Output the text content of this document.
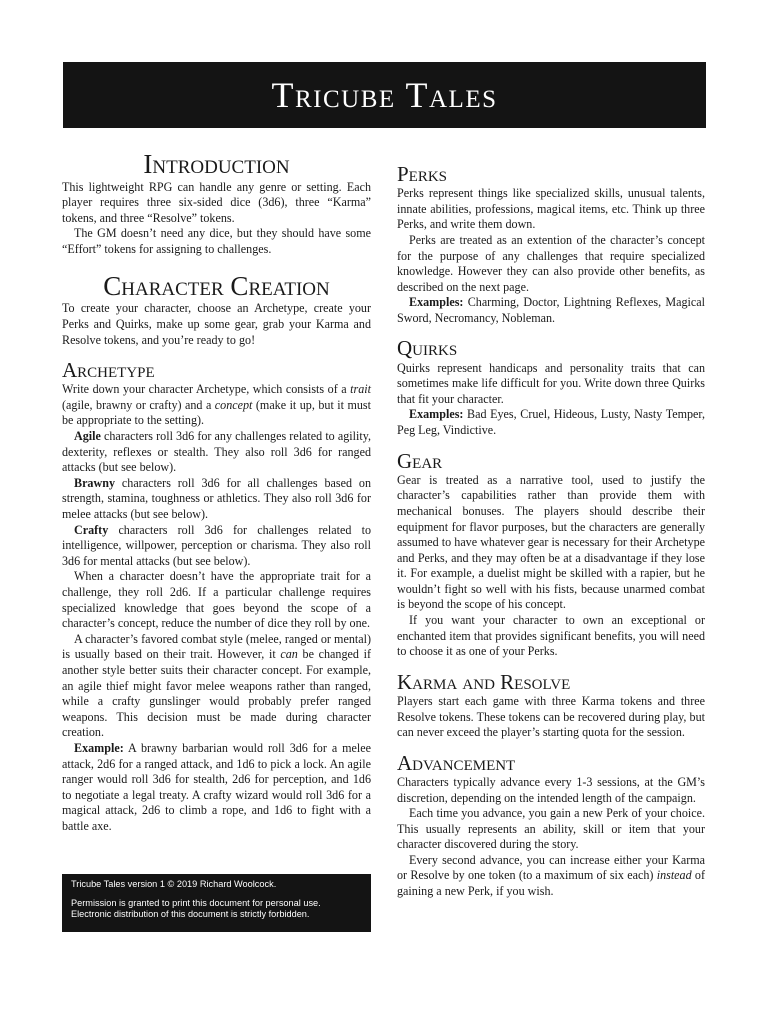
Tricube Tales
Introduction

This lightweight RPG can handle any genre or setting. Each player requires three six-sided dice (3d6), three “Karma” tokens, and three “Resolve” tokens.

The GM doesn’t need any dice, but they should have some “Effort” tokens for assigning to challenges.

Character Creation

To create your character, choose an Archetype, create your Perks and Quirks, make up some gear, grab your Karma and Resolve tokens, and you’re ready to go!

Archetype

Write down your character Archetype, which consists of a trait (agile, brawny or crafty) and a concept (make it up, but it must be appropriate to the setting).

Agile characters roll 3d6 for any challenges related to agility, dexterity, reflexes or stealth. They also roll 3d6 for ranged attacks (but see below).

Brawny characters roll 3d6 for all challenges based on strength, stamina, toughness or athletics. They also roll 3d6 for melee attacks (but see below).

Crafty characters roll 3d6 for challenges related to intelligence, willpower, perception or charisma. They also roll 3d6 for mental attacks (but see below).

When a character doesn’t have the appropriate trait for a challenge, they roll 2d6. If a particular challenge requires specialized knowledge that goes beyond the scope of a character’s concept, reduce the number of dice they roll by one.

A character’s favored combat style (melee, ranged or mental) is usually based on their trait. However, it can be changed if another style better suits their character concept. For example, an agile thief might favor melee weapons rather than ranged, while a crafty gunslinger would probably prefer ranged weapons. This decision must be made during character creation.

Example: A brawny barbarian would roll 3d6 for a melee attack, 2d6 for a ranged attack, and 1d6 to pick a lock. An agile ranger would roll 3d6 for stealth, 2d6 for perception, and 1d6 to negotiate a legal treaty. A crafty wizard would roll 3d6 for a magical attack, 2d6 to climb a rope, and 1d6 to fight with a battle axe.

Tricube Tales version 1 © 2019 Richard Woolcock.
Permission is granted to print this document for personal use.
Electronic distribution of this document is strictly forbidden.
Perks

Perks represent things like specialized skills, unusual talents, innate abilities, professions, magical items, etc. Think up three Perks, and write them down.

Perks are treated as an extention of the character’s concept for the purpose of any challenges that require specialized knowledge. However they can also provide other benefits, as described on the next page.

Examples: Charming, Doctor, Lightning Reflexes, Magical Sword, Necromancy, Nobleman.

Quirks

Quirks represent handicaps and personality traits that can sometimes make life difficult for you. Write down three Quirks that fit your character.

Examples: Bad Eyes, Cruel, Hideous, Lusty, Nasty Temper, Peg Leg, Vindictive.

Gear

Gear is treated as a narrative tool, used to justify the character’s capabilities rather than provide them with mechanical bonuses. The players should describe their equipment for flavor purposes, but the characters are generally assumed to have whatever gear is necessary for their Archetype and Perks, and they may often be at a disadvantage if they lose it. For example, a duelist might be skilled with a rapier, but he wouldn’t fight so well with his fists, because unarmed combat is beyond the scope of his concept.

If you want your character to own an exceptional or enchanted item that provides significant benefits, you will need to choose it as one of your Perks.

Karma and Resolve

Players start each game with three Karma tokens and three Resolve tokens. These tokens can be recovered during play, but can never exceed the player’s starting quota for the session.

Advancement

Characters typically advance every 1-3 sessions, at the GM’s discretion, depending on the intended length of the campaign.

Each time you advance, you gain a new Perk of your choice. This usually represents an ability, skill or item that your character discovered during the story.

Every second advance, you can increase either your Karma or Resolve by one token (to a maximum of six each) instead of gaining a new Perk, if you wish.
